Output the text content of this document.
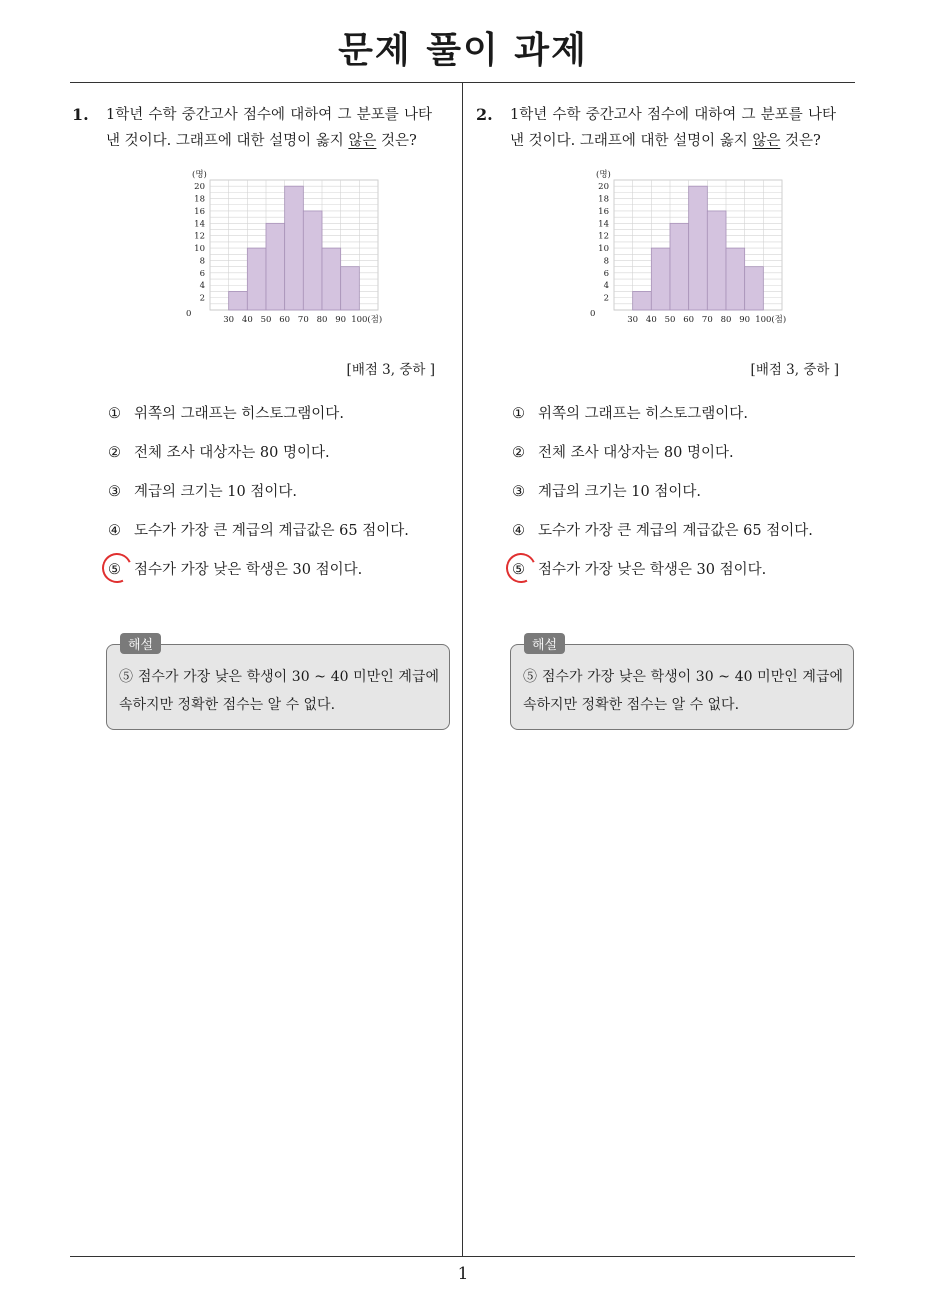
문제 풀이 과제
1. 1학년 수학 중간고사 점수에 대하여 그 분포를 나타낸 것이다. 그래프에 대한 설명이 옳지 않은 것은?
2
4
6
8
10
12
14
16
18
20
30 40 50 60 70 80 90 100
0
(명)
(점)
[배점 3, 중하 ]
① 위쪽의 그래프는 히스토그램이다.
② 전체 조사 대상자는 80 명이다.
③ 계급의 크기는 10 점이다.
④ 도수가 가장 큰 계급의 계급값은 65 점이다.
⑤ 점수가 가장 낮은 학생은 30 점이다.
해설
⑤ 점수가 가장 낮은 학생이 30 ~ 40 미만인 계급에 속하지만 정확한 점수는 알 수 없다.
2. 1학년 수학 중간고사 점수에 대하여 그 분포를 나타낸 것이다. 그래프에 대한 설명이 옳지 않은 것은?
2
4
6
8
10
12
14
16
18
20
30 40 50 60 70 80 90 100
0
(명)
(점)
[배점 3, 중하 ]
① 위쪽의 그래프는 히스토그램이다.
② 전체 조사 대상자는 80 명이다.
③ 계급의 크기는 10 점이다.
④ 도수가 가장 큰 계급의 계급값은 65 점이다.
⑤ 점수가 가장 낮은 학생은 30 점이다.
해설
⑤ 점수가 가장 낮은 학생이 30 ~ 40 미만인 계급에 속하지만 정확한 점수는 알 수 없다.
1
